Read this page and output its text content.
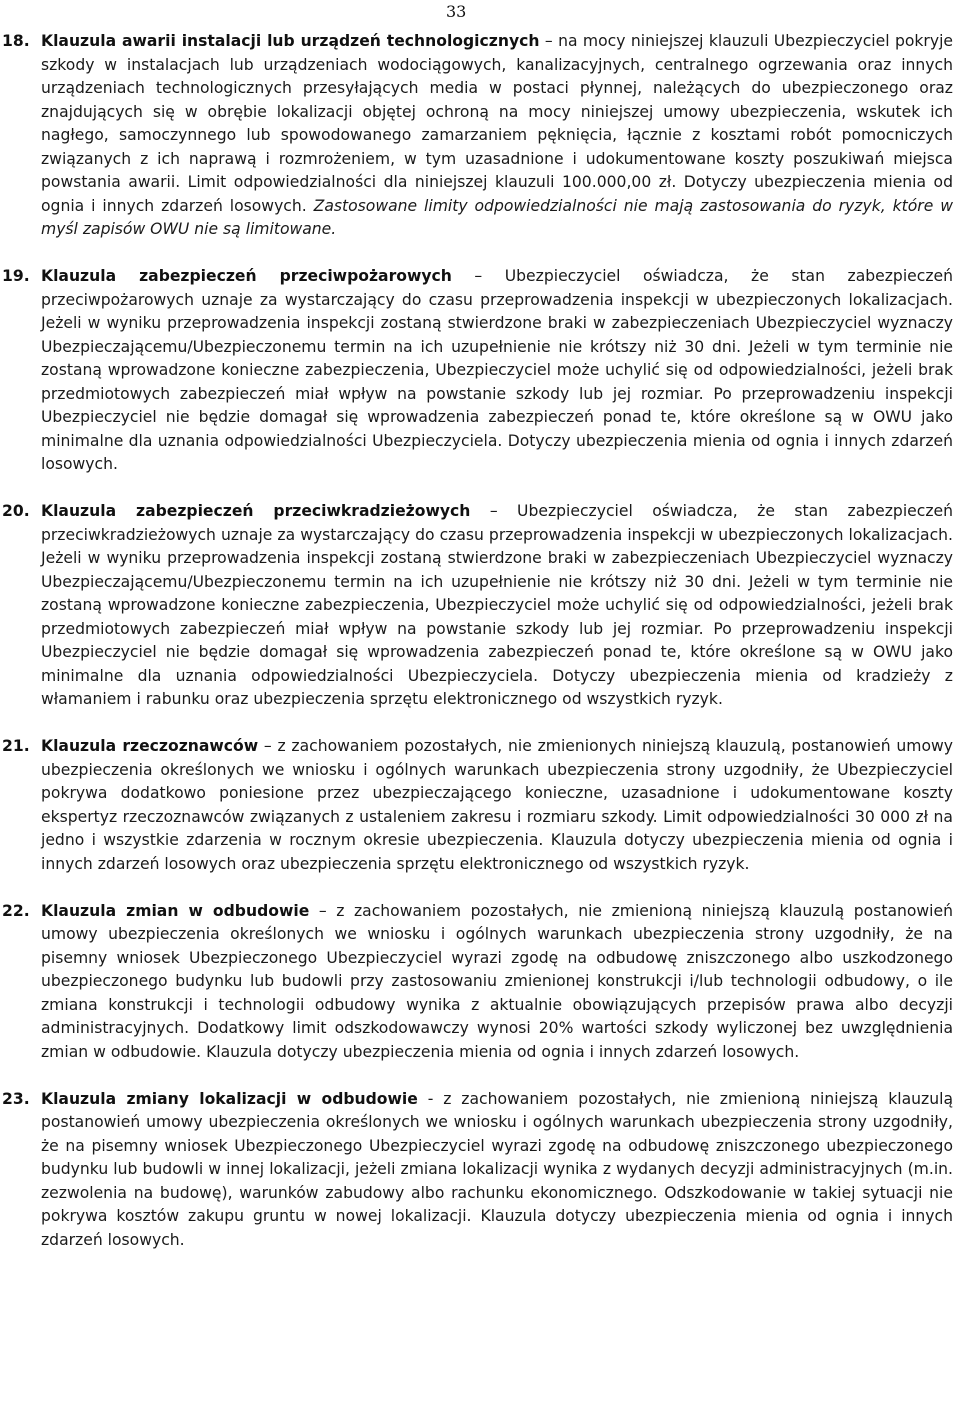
33
18. Klauzula awarii instalacji lub urządzeń technologicznych – na mocy niniejszej klauzuli Ubezpieczyciel pokryje szkody w instalacjach lub urządzeniach wodociągowych, kanalizacyjnych, centralnego ogrzewania oraz innych urządzeniach technologicznych przesyłających media w postaci płynnej, należących do ubezpieczonego oraz znajdujących się w obrębie lokalizacji objętej ochroną na mocy niniejszej umowy ubezpieczenia, wskutek ich nagłego, samoczynnego lub spowodowanego zamarzaniem pęknięcia, łącznie z kosztami robót pomocniczych związanych z ich naprawą i rozmrożeniem, w tym uzasadnione i udokumentowane koszty poszukiwań miejsca powstania awarii. Limit odpowiedzialności dla niniejszej klauzuli 100.000,00 zł. Dotyczy ubezpieczenia mienia od ognia i innych zdarzeń losowych. Zastosowane limity odpowiedzialności nie mają zastosowania do ryzyk, które w myśl zapisów OWU nie są limitowane.
19. Klauzula zabezpieczeń przeciwpożarowych – Ubezpieczyciel oświadcza, że stan zabezpieczeń przeciwpożarowych uznaje za wystarczający do czasu przeprowadzenia inspekcji w ubezpieczonych lokalizacjach. Jeżeli w wyniku przeprowadzenia inspekcji zostaną stwierdzone braki w zabezpieczeniach Ubezpieczyciel wyznaczy Ubezpieczającemu/Ubezpieczonemu termin na ich uzupełnienie nie krótszy niż 30 dni. Jeżeli w tym terminie nie zostaną wprowadzone konieczne zabezpieczenia, Ubezpieczyciel może uchylić się od odpowiedzialności, jeżeli brak przedmiotowych zabezpieczeń miał wpływ na powstanie szkody lub jej rozmiar. Po przeprowadzeniu inspekcji Ubezpieczyciel nie będzie domagał się wprowadzenia zabezpieczeń ponad te, które określone są w OWU jako minimalne dla uznania odpowiedzialności Ubezpieczyciela. Dotyczy ubezpieczenia mienia od ognia i innych zdarzeń losowych.
20. Klauzula zabezpieczeń przeciwkradzieżowych – Ubezpieczyciel oświadcza, że stan zabezpieczeń przeciwkradzieżowych uznaje za wystarczający do czasu przeprowadzenia inspekcji w ubezpieczonych lokalizacjach. Jeżeli w wyniku przeprowadzenia inspekcji zostaną stwierdzone braki w zabezpieczeniach Ubezpieczyciel wyznaczy Ubezpieczającemu/Ubezpieczonemu termin na ich uzupełnienie nie krótszy niż 30 dni. Jeżeli w tym terminie nie zostaną wprowadzone konieczne zabezpieczenia, Ubezpieczyciel może uchylić się od odpowiedzialności, jeżeli brak przedmiotowych zabezpieczeń miał wpływ na powstanie szkody lub jej rozmiar. Po przeprowadzeniu inspekcji Ubezpieczyciel nie będzie domagał się wprowadzenia zabezpieczeń ponad te, które określone są w OWU jako minimalne dla uznania odpowiedzialności Ubezpieczyciela. Dotyczy ubezpieczenia mienia od kradzieży z włamaniem i rabunku oraz ubezpieczenia sprzętu elektronicznego od wszystkich ryzyk.
21. Klauzula rzeczoznawców – z zachowaniem pozostałych, nie zmienionych niniejszą klauzulą, postanowień umowy ubezpieczenia określonych we wniosku i ogólnych warunkach ubezpieczenia strony uzgodniły, że Ubezpieczyciel pokrywa dodatkowo poniesione przez ubezpieczającego konieczne, uzasadnione i udokumentowane koszty ekspertyz rzeczoznawców związanych z ustaleniem zakresu i rozmiaru szkody. Limit odpowiedzialności 30 000 zł na jedno i wszystkie zdarzenia w rocznym okresie ubezpieczenia. Klauzula dotyczy ubezpieczenia mienia od ognia i innych zdarzeń losowych oraz ubezpieczenia sprzętu elektronicznego od wszystkich ryzyk.
22. Klauzula zmian w odbudowie – z zachowaniem pozostałych, nie zmienioną niniejszą klauzulą postanowień umowy ubezpieczenia określonych we wniosku i ogólnych warunkach ubezpieczenia strony uzgodniły, że na pisemny wniosek Ubezpieczonego Ubezpieczyciel wyrazi zgodę na odbudowę zniszczonego albo uszkodzonego ubezpieczonego budynku lub budowli przy zastosowaniu zmienionej konstrukcji i/lub technologii odbudowy, o ile zmiana konstrukcji i technologii odbudowy wynika z aktualnie obowiązujących przepisów prawa albo decyzji administracyjnych. Dodatkowy limit odszkodowawczy wynosi 20% wartości szkody wyliczonej bez uwzględnienia zmian w odbudowie. Klauzula dotyczy ubezpieczenia mienia od ognia i innych zdarzeń losowych.
23. Klauzula zmiany lokalizacji w odbudowie - z zachowaniem pozostałych, nie zmienioną niniejszą klauzulą postanowień umowy ubezpieczenia określonych we wniosku i ogólnych warunkach ubezpieczenia strony uzgodniły, że na pisemny wniosek Ubezpieczonego Ubezpieczyciel wyrazi zgodę na odbudowę zniszczonego ubezpieczonego budynku lub budowli w innej lokalizacji, jeżeli zmiana lokalizacji wynika z wydanych decyzji administracyjnych (m.in. zezwolenia na budowę), warunków zabudowy albo rachunku ekonomicznego. Odszkodowanie w takiej sytuacji nie pokrywa kosztów zakupu gruntu w nowej lokalizacji. Klauzula dotyczy ubezpieczenia mienia od ognia i innych zdarzeń losowych.
